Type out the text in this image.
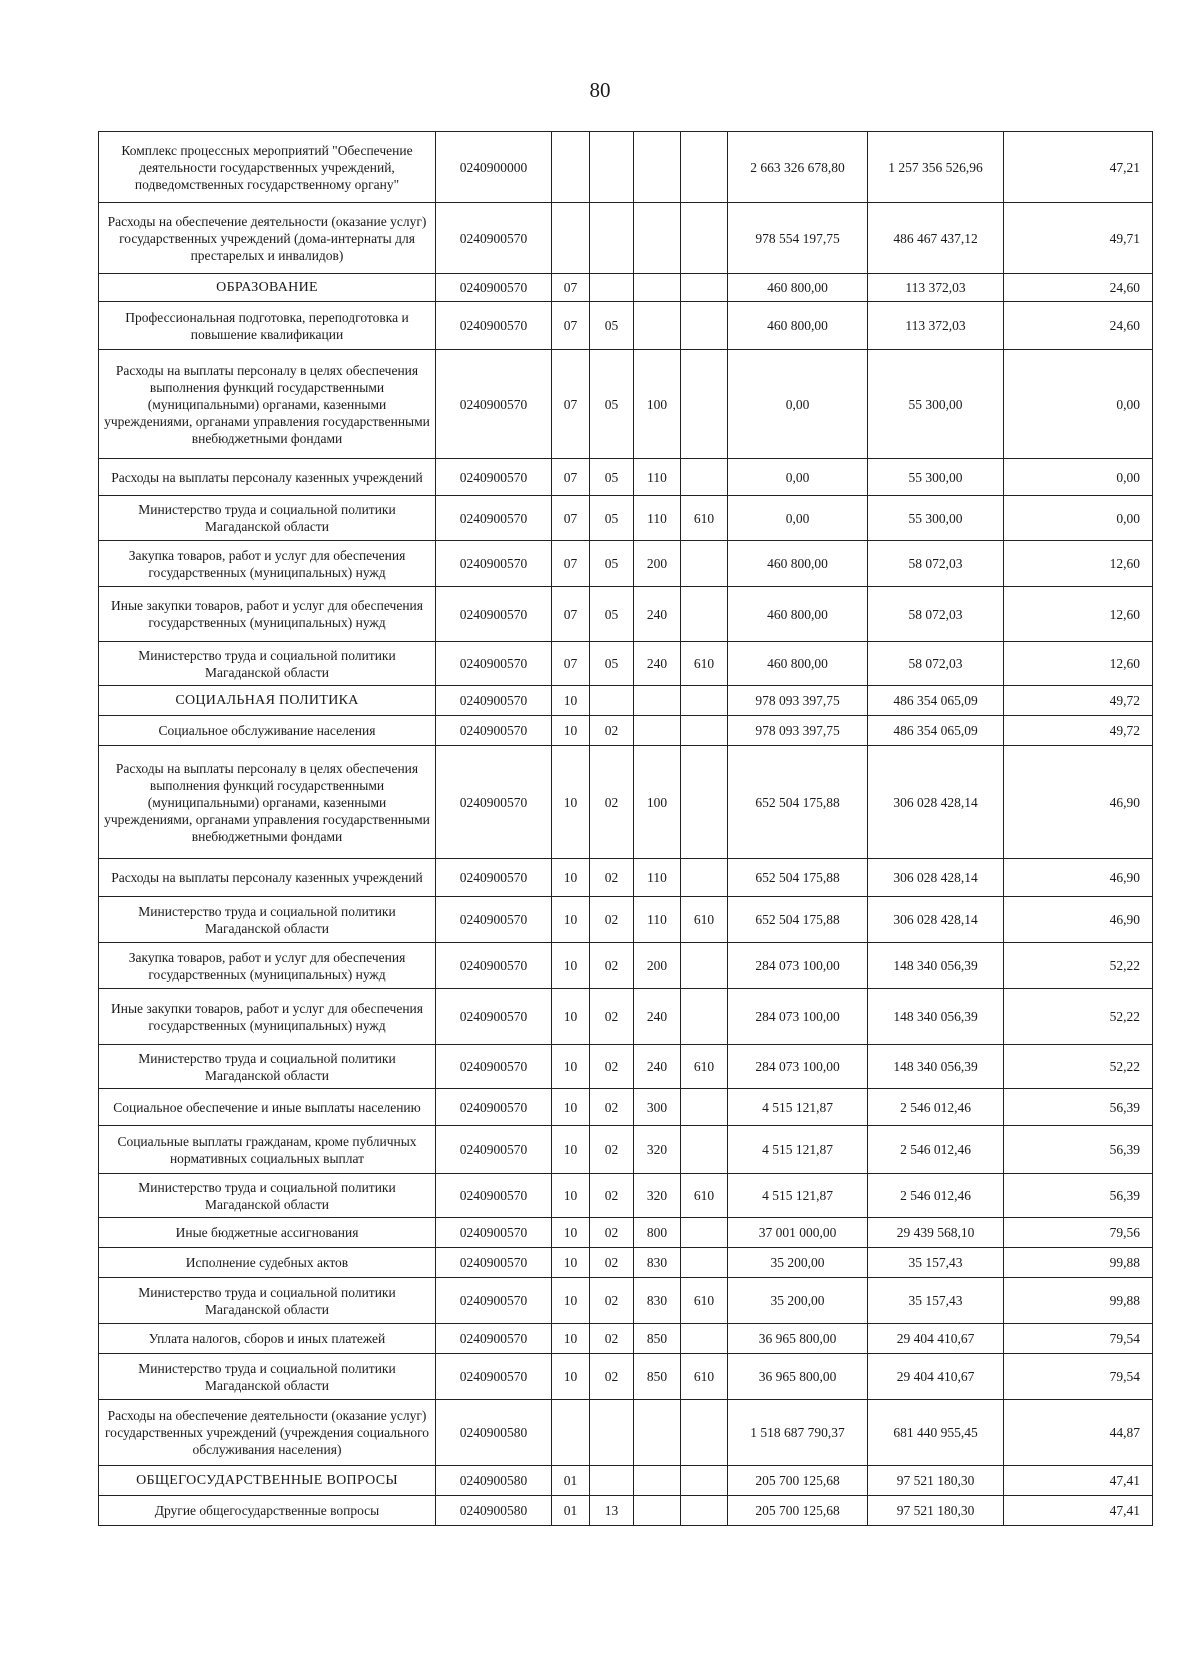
80
Комплекс процессных мероприятий "Обеспечение деятельности государственных учреждений, подведомственных государственному органу"	0240900000					2 663 326 678,80	1 257 356 526,96	47,21
Расходы на обеспечение деятельности (оказание услуг) государственных учреждений (дома-интернаты для престарелых и инвалидов)	0240900570					978 554 197,75	486 467 437,12	49,71
ОБРАЗОВАНИЕ	0240900570	07				460 800,00	113 372,03	24,60
Профессиональная подготовка, переподготовка и повышение квалификации	0240900570	07	05			460 800,00	113 372,03	24,60
Расходы на выплаты персоналу в целях обеспечения выполнения функций государственными (муниципальными) органами, казенными учреждениями, органами управления государственными внебюджетными фондами	0240900570	07	05	100		0,00	55 300,00	0,00
Расходы на выплаты персоналу казенных учреждений	0240900570	07	05	110		0,00	55 300,00	0,00
Министерство труда и социальной политики Магаданской области	0240900570	07	05	110	610	0,00	55 300,00	0,00
Закупка товаров, работ и услуг для обеспечения государственных (муниципальных) нужд	0240900570	07	05	200		460 800,00	58 072,03	12,60
Иные закупки товаров, работ и услуг для обеспечения государственных (муниципальных) нужд	0240900570	07	05	240		460 800,00	58 072,03	12,60
Министерство труда и социальной политики Магаданской области	0240900570	07	05	240	610	460 800,00	58 072,03	12,60
СОЦИАЛЬНАЯ ПОЛИТИКА	0240900570	10				978 093 397,75	486 354 065,09	49,72
Социальное обслуживание населения	0240900570	10	02			978 093 397,75	486 354 065,09	49,72
Расходы на выплаты персоналу в целях обеспечения выполнения функций государственными (муниципальными) органами, казенными учреждениями, органами управления государственными внебюджетными фондами	0240900570	10	02	100		652 504 175,88	306 028 428,14	46,90
Расходы на выплаты персоналу казенных учреждений	0240900570	10	02	110		652 504 175,88	306 028 428,14	46,90
Министерство труда и социальной политики Магаданской области	0240900570	10	02	110	610	652 504 175,88	306 028 428,14	46,90
Закупка товаров, работ и услуг для обеспечения государственных (муниципальных) нужд	0240900570	10	02	200		284 073 100,00	148 340 056,39	52,22
Иные закупки товаров, работ и услуг для обеспечения государственных (муниципальных) нужд	0240900570	10	02	240		284 073 100,00	148 340 056,39	52,22
Министерство труда и социальной политики Магаданской области	0240900570	10	02	240	610	284 073 100,00	148 340 056,39	52,22
Социальное обеспечение и иные выплаты населению	0240900570	10	02	300		4 515 121,87	2 546 012,46	56,39
Социальные выплаты гражданам, кроме публичных нормативных социальных выплат	0240900570	10	02	320		4 515 121,87	2 546 012,46	56,39
Министерство труда и социальной политики Магаданской области	0240900570	10	02	320	610	4 515 121,87	2 546 012,46	56,39
Иные бюджетные ассигнования	0240900570	10	02	800		37 001 000,00	29 439 568,10	79,56
Исполнение судебных актов	0240900570	10	02	830		35 200,00	35 157,43	99,88
Министерство труда и социальной политики Магаданской области	0240900570	10	02	830	610	35 200,00	35 157,43	99,88
Уплата налогов, сборов и иных платежей	0240900570	10	02	850		36 965 800,00	29 404 410,67	79,54
Министерство труда и социальной политики Магаданской области	0240900570	10	02	850	610	36 965 800,00	29 404 410,67	79,54
Расходы на обеспечение деятельности (оказание услуг) государственных учреждений (учреждения социального обслуживания населения)	0240900580					1 518 687 790,37	681 440 955,45	44,87
ОБЩЕГОСУДАРСТВЕННЫЕ ВОПРОСЫ	0240900580	01				205 700 125,68	97 521 180,30	47,41
Другие общегосударственные вопросы	0240900580	01	13			205 700 125,68	97 521 180,30	47,41
